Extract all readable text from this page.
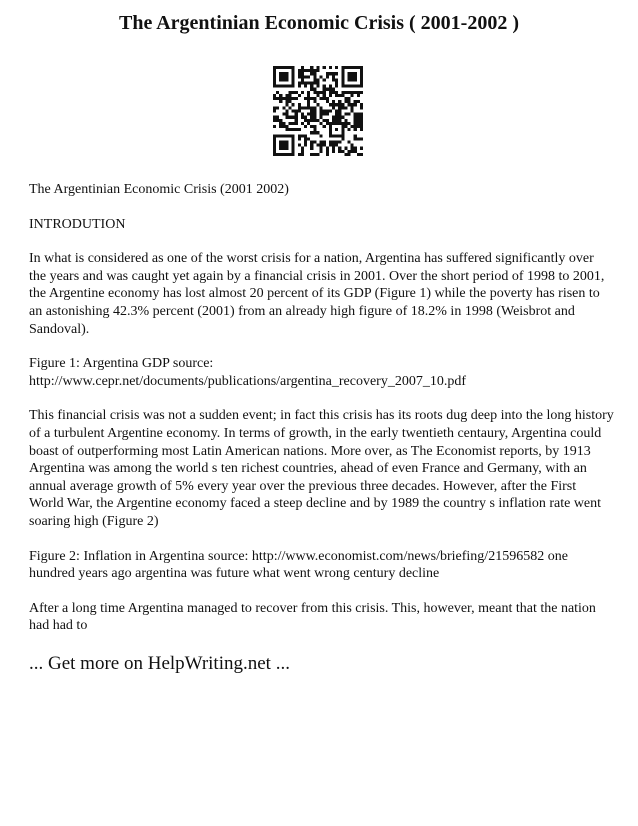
The Argentinian Economic Crisis ( 2001-2002 )

The Argentinian Economic Crisis (2001 2002)

INTRODUTION

In what is considered as one of the worst crisis for a nation, Argentina has suffered significantly over the years and was caught yet again by a financial crisis in 2001. Over the short period of 1998 to 2001, the Argentine economy has lost almost 20 percent of its GDP (Figure 1) while the poverty has risen to an astonishing 42.3% percent (2001) from an already high figure of 18.2% in 1998 (Weisbrot and Sandoval).

Figure 1: Argentina GDP source: http://www.cepr.net/documents/publications/argentina_recovery_2007_10.pdf

This financial crisis was not a sudden event; in fact this crisis has its roots dug deep into the long history of a turbulent Argentine economy. In terms of growth, in the early twentieth centaury, Argentina could boast of outperforming most Latin American nations. More over, as The Economist reports, by 1913 Argentina was among the world s ten richest countries, ahead of even France and Germany, with an annual average growth of 5% every year over the previous three decades. However, after the First World War, the Argentine economy faced a steep decline and by 1989 the country s inflation rate went soaring high (Figure 2)

Figure 2: Inflation in Argentina source: http://www.economist.com/news/briefing/21596582 one hundred years ago argentina was future what went wrong century decline

After a long time Argentina managed to recover from this crisis. This, however, meant that the nation had had to

... Get more on HelpWriting.net ...
